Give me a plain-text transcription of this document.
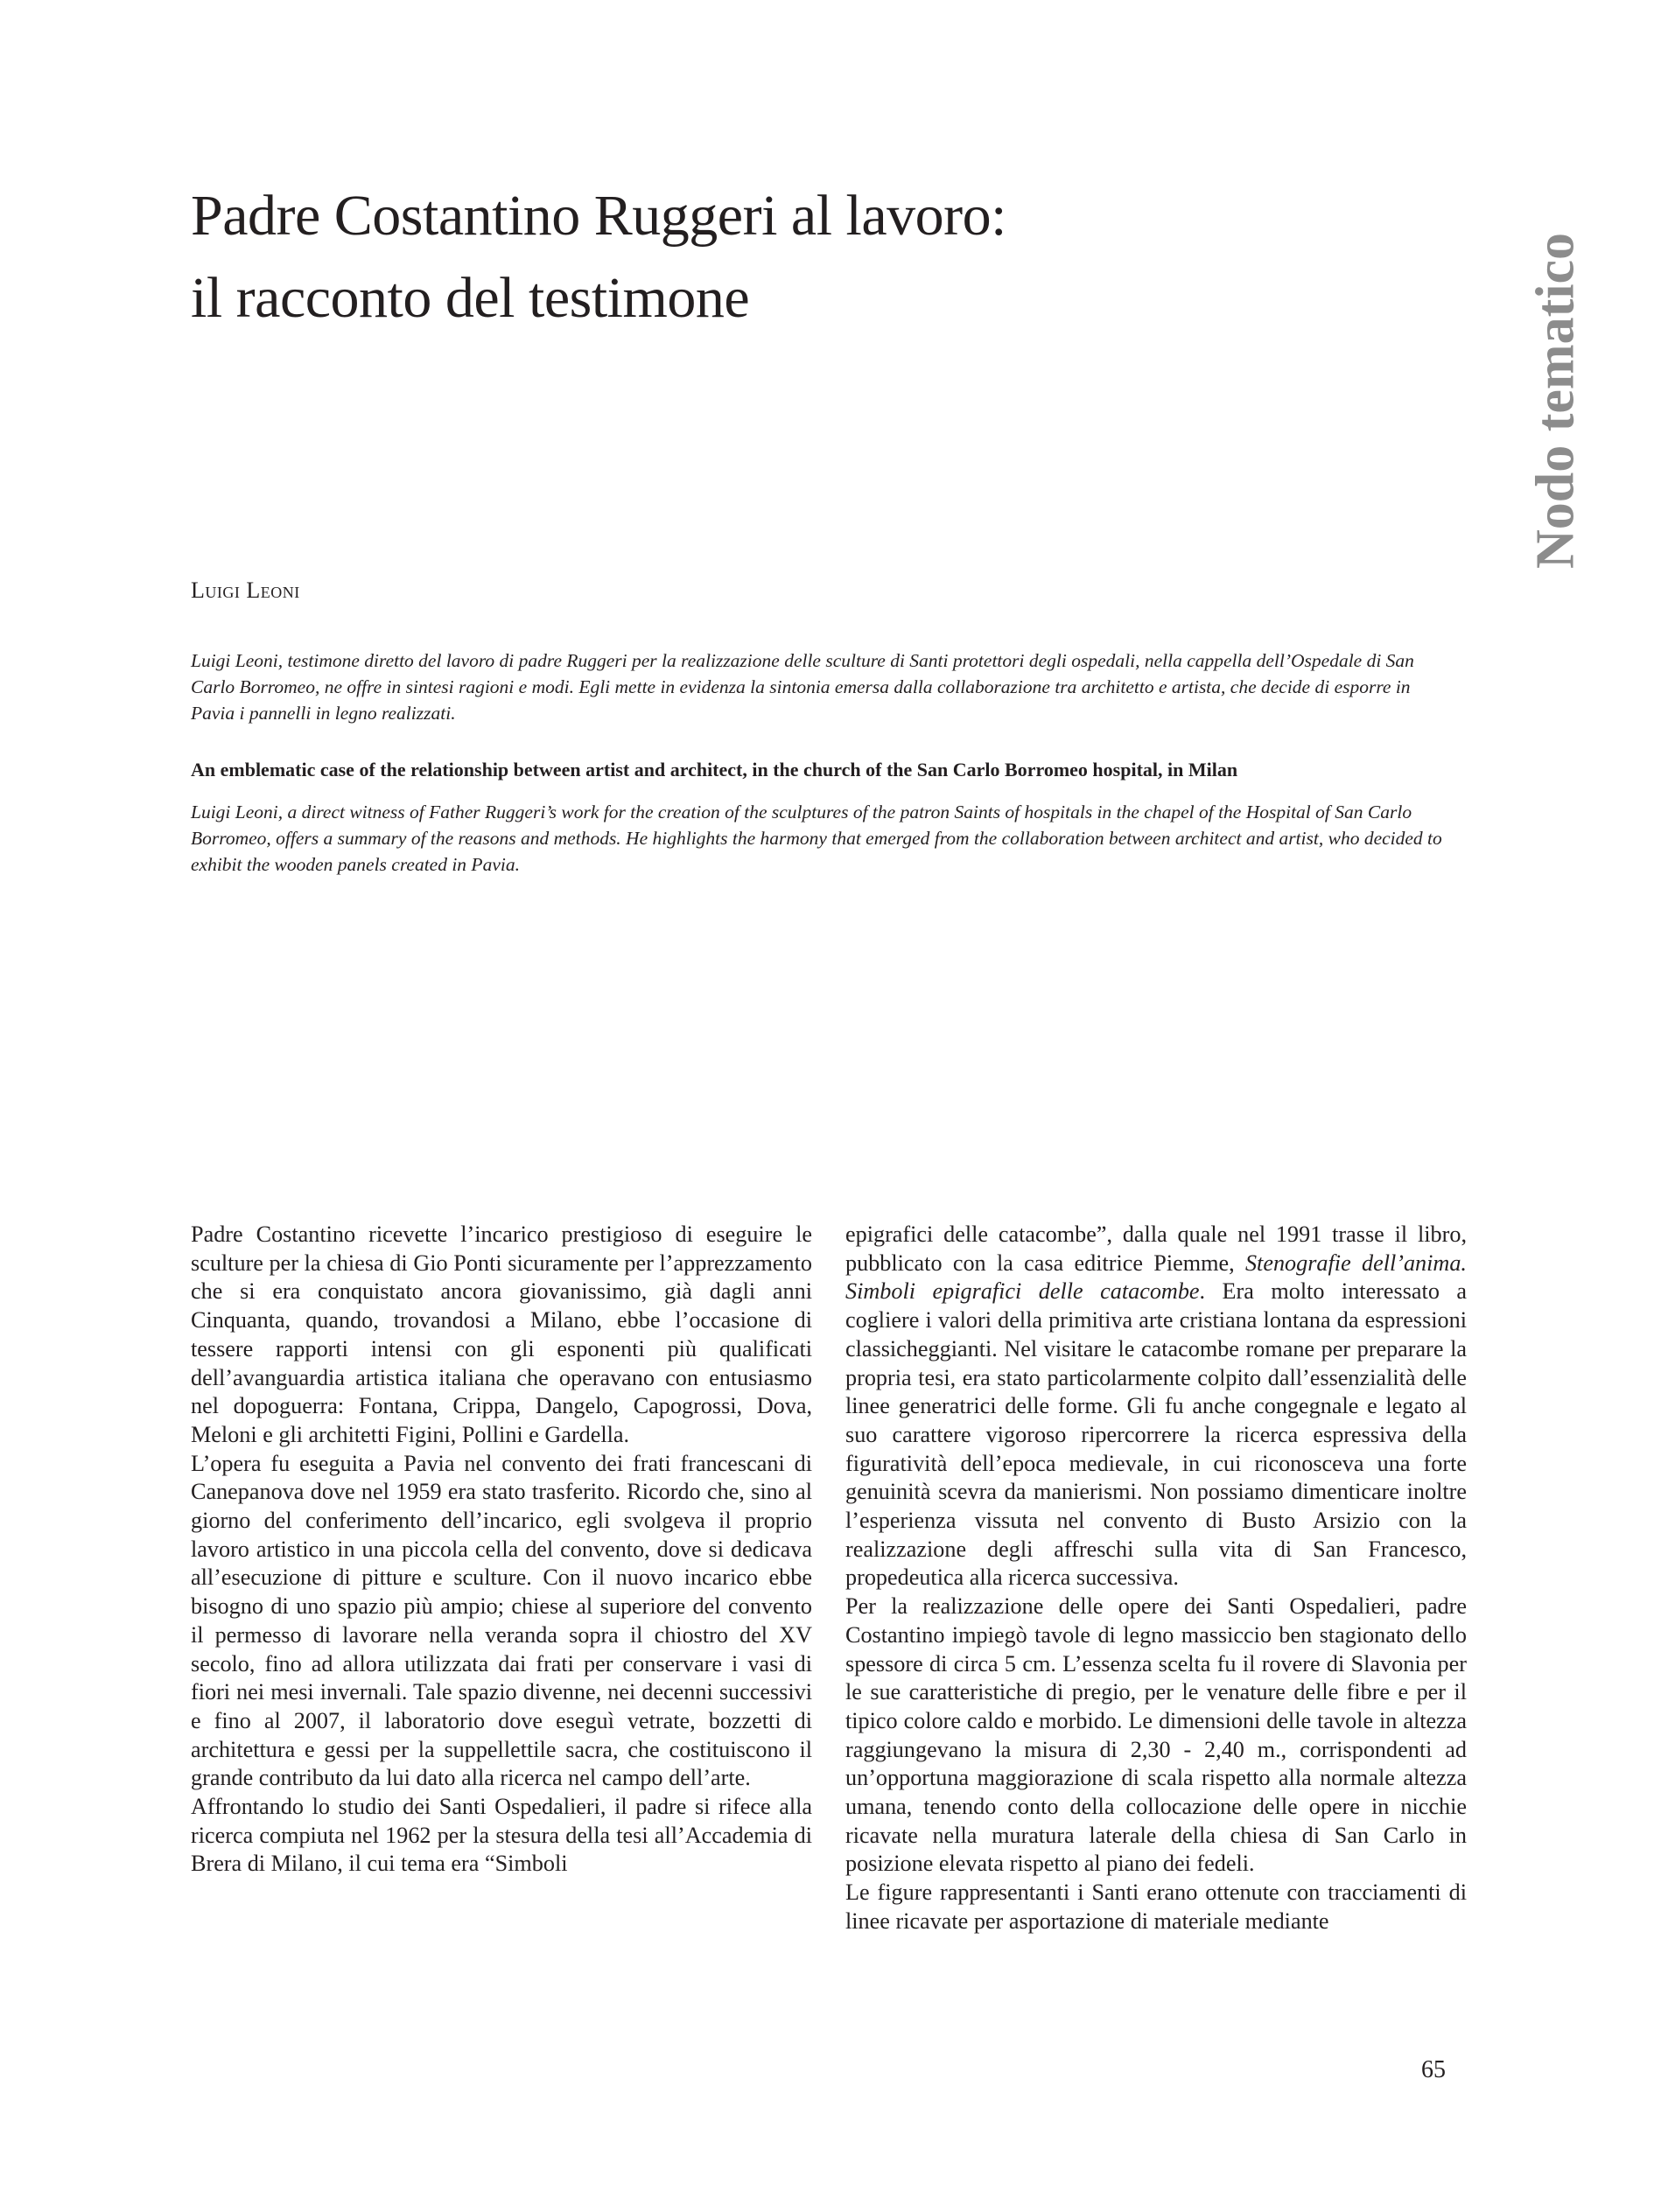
Padre Costantino Ruggeri al lavoro:
il racconto del testimone	Nodo tematico
Luigi Leoni
Luigi Leoni, testimone diretto del lavoro di padre Ruggeri per la realizzazione delle sculture di Santi protettori degli ospedali, nella cappella dell’Ospedale di San Carlo Borromeo, ne offre in sintesi ragioni e modi. Egli mette in evidenza la sintonia emersa dalla collaborazione tra architetto e artista, che decide di esporre in Pavia i pannelli in legno realizzati.
An emblematic case of the relationship between artist and architect, in the church of the San Carlo Borromeo hospital, in Milan
Luigi Leoni, a direct witness of Father Ruggeri’s work for the creation of the sculptures of the patron Saints of hospitals in the chapel of the Hospital of San Carlo Borromeo, offers a summary of the reasons and methods. He highlights the harmony that emerged from the collaboration between architect and artist, who decided to exhibit the wooden panels created in Pavia.

Padre Costantino ricevette l’incarico prestigioso di eseguire le sculture per la chiesa di Gio Ponti sicuramente per l’apprezzamento che si era conquistato ancora giovanissimo, già dagli anni Cinquanta, quando, trovandosi a Milano, ebbe l’occasione di tessere rapporti intensi con gli esponenti più qualificati dell’avanguardia artistica italiana che operavano con entusiasmo nel dopoguerra: Fontana, Crippa, Dangelo, Capogrossi, Dova, Meloni e gli architetti Figini, Pollini e Gardella.

L’opera fu eseguita a Pavia nel convento dei frati francescani di Canepanova dove nel 1959 era stato trasferito. Ricordo che, sino al giorno del conferimento dell’incarico, egli svolgeva il proprio lavoro artistico in una piccola cella del convento, dove si dedicava all’esecuzione di pitture e sculture. Con il nuovo incarico ebbe bisogno di uno spazio più ampio; chiese al superiore del convento il permesso di lavorare nella veranda sopra il chiostro del XV secolo, fino ad allora utilizzata dai frati per conservare i vasi di fiori nei mesi invernali. Tale spazio divenne, nei decenni successivi e fino al 2007, il laboratorio dove eseguì vetrate, bozzetti di architettura e gessi per la suppellettile sacra, che costituiscono il grande contributo da lui dato alla ricerca nel campo dell’arte.

Affrontando lo studio dei Santi Ospedalieri, il padre si rifece alla ricerca compiuta nel 1962 per la stesura della tesi all’Accademia di Brera di Milano, il cui tema era “Simboli

epigrafici delle catacombe”, dalla quale nel 1991 trasse il libro, pubblicato con la casa editrice Piemme, Stenografie dell’anima. Simboli epigrafici delle catacombe. Era molto interessato a cogliere i valori della primitiva arte cristiana lontana da espressioni classicheggianti. Nel visitare le catacombe romane per preparare la propria tesi, era stato particolarmente colpito dall’essenzialità delle linee generatrici delle forme. Gli fu anche congegnale e legato al suo carattere vigoroso ripercorrere la ricerca espressiva della figuratività dell’epoca medievale, in cui riconosceva una forte genuinità scevra da manierismi. Non possiamo dimenticare inoltre l’esperienza vissuta nel convento di Busto Arsizio con la realizzazione degli affreschi sulla vita di San Francesco, propedeutica alla ricerca successiva.

Per la realizzazione delle opere dei Santi Ospedalieri, padre Costantino impiegò tavole di legno massiccio ben stagionato dello spessore di circa 5 cm. L’essenza scelta fu il rovere di Slavonia per le sue caratteristiche di pregio, per le venature delle fibre e per il tipico colore caldo e morbido. Le dimensioni delle tavole in altezza raggiungevano la misura di 2,30 - 2,40 m., corrispondenti ad un’opportuna maggiorazione di scala rispetto alla normale altezza umana, tenendo conto della collocazione delle opere in nicchie ricavate nella muratura laterale della chiesa di San Carlo in posizione elevata rispetto al piano dei fedeli.

Le figure rappresentanti i Santi erano ottenute con tracciamenti di linee ricavate per asportazione di materiale mediante

65
